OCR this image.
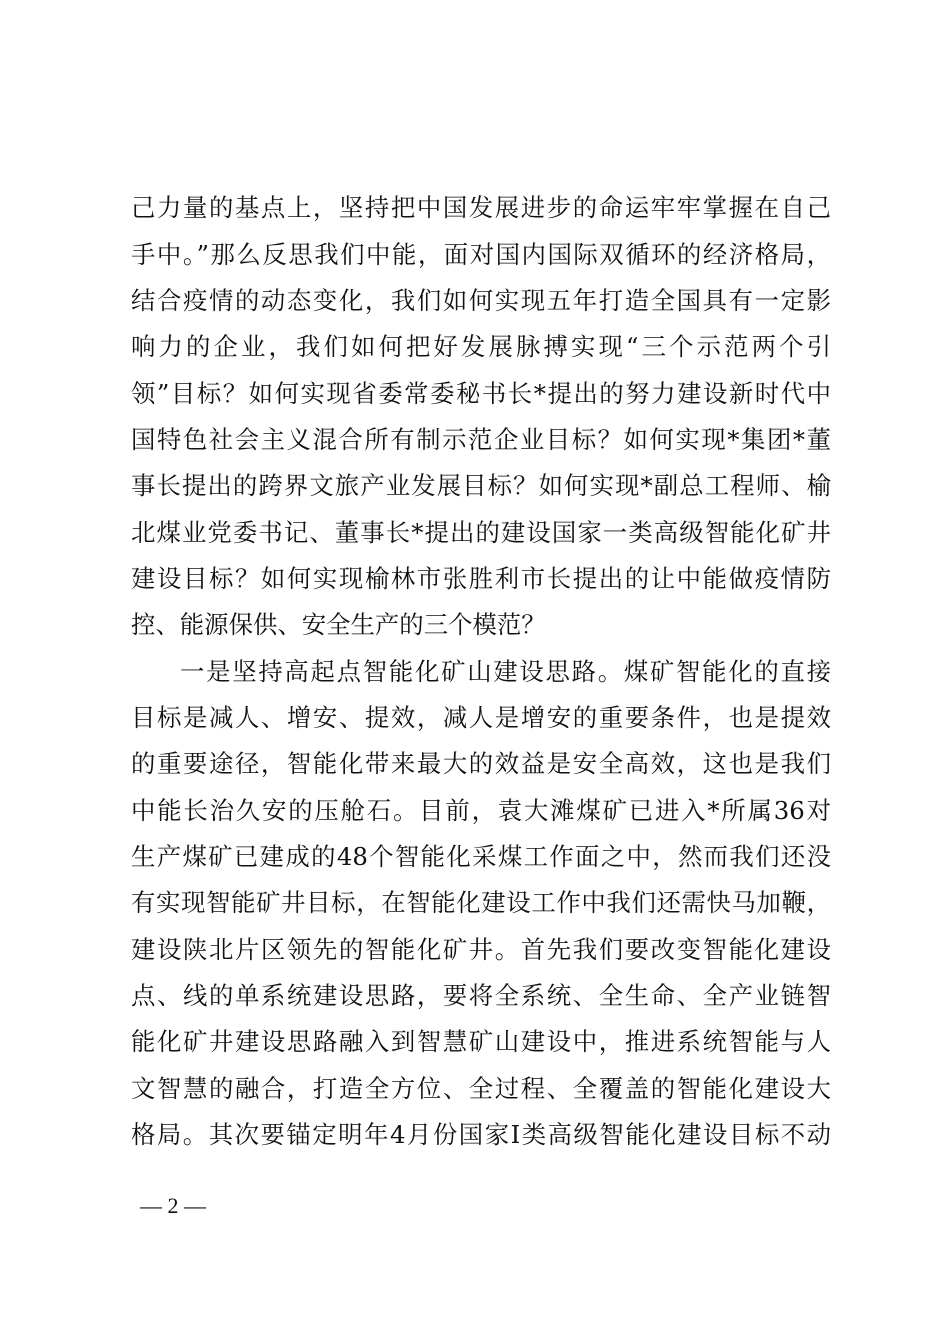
己力量的基点上，坚持把中国发展进步的命运牢牢掌握在自己
手中。”那么反思我们中能，面对国内国际双循环的经济格局，
结合疫情的动态变化，我们如何实现五年打造全国具有一定影
响力的企业，我们如何把好发展脉搏实现“三个示范两个引
领”目标？如何实现省委常委秘书长*提出的努力建设新时代中
国特色社会主义混合所有制示范企业目标？如何实现*集团*董
事长提出的跨界文旅产业发展目标？如何实现*副总工程师、榆
北煤业党委书记、董事长*提出的建设国家一类高级智能化矿井
建设目标？如何实现榆林市张胜利市长提出的让中能做疫情防
控、能源保供、安全生产的三个模范？
一是坚持高起点智能化矿山建设思路。煤矿智能化的直接
目标是减人、增安、提效，减人是增安的重要条件，也是提效
的重要途径，智能化带来最大的效益是安全高效，这也是我们
中能长治久安的压舱石。目前，袁大滩煤矿已进入*所属36对
生产煤矿已建成的48个智能化采煤工作面之中，然而我们还没
有实现智能矿井目标，在智能化建设工作中我们还需快马加鞭，
建设陕北片区领先的智能化矿井。首先我们要改变智能化建设
点、线的单系统建设思路，要将全系统、全生命、全产业链智
能化矿井建设思路融入到智慧矿山建设中，推进系统智能与人
文智慧的融合，打造全方位、全过程、全覆盖的智能化建设大
格局。其次要锚定明年4月份国家I类高级智能化建设目标不动
— 2 —
